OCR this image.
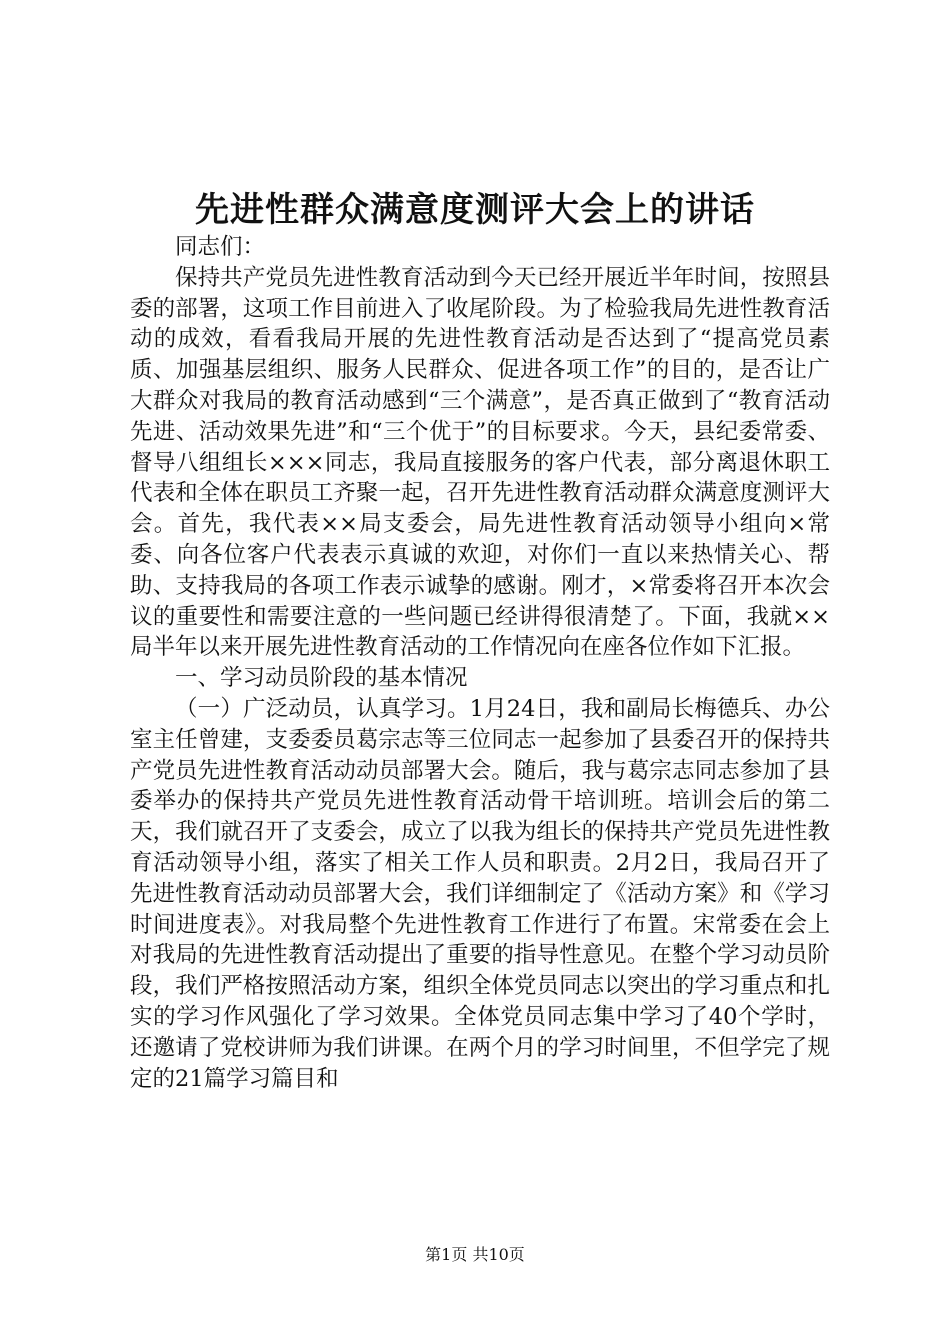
先进性群众满意度测评大会上的讲话

同志们：

保持共产党员先进性教育活动到今天已经开展近半年时间，按照县委的部署，这项工作目前进入了收尾阶段。为了检验我局先进性教育活动的成效，看看我局开展的先进性教育活动是否达到了“提高党员素质、加强基层组织、服务人民群众、促进各项工作”的目的，是否让广大群众对我局的教育活动感到“三个满意”，是否真正做到了“教育活动先进、活动效果先进”和“三个优于”的目标要求。今天，县纪委常委、督导八组组长×××同志，我局直接服务的客户代表，部分离退休职工代表和全体在职员工齐聚一起，召开先进性教育活动群众满意度测评大会。首先，我代表××局支委会，局先进性教育活动领导小组向×常委、向各位客户代表表示真诚的欢迎，对你们一直以来热情关心、帮助、支持我局的各项工作表示诚挚的感谢。刚才，×常委将召开本次会议的重要性和需要注意的一些问题已经讲得很清楚了。下面，我就××局半年以来开展先进性教育活动的工作情况向在座各位作如下汇报。

一、学习动员阶段的基本情况

（一）广泛动员，认真学习。1月24日，我和副局长梅德兵、办公室主任曾建，支委委员葛宗志等三位同志一起参加了县委召开的保持共产党员先进性教育活动动员部署大会。随后，我与葛宗志同志参加了县委举办的保持共产党员先进性教育活动骨干培训班。培训会后的第二天，我们就召开了支委会，成立了以我为组长的保持共产党员先进性教育活动领导小组，落实了相关工作人员和职责。2月2日，我局召开了先进性教育活动动员部署大会，我们详细制定了《活动方案》和《学习时间进度表》。对我局整个先进性教育工作进行了布置。宋常委在会上对我局的先进性教育活动提出了重要的指导性意见。在整个学习动员阶段，我们严格按照活动方案，组织全体党员同志以突出的学习重点和扎实的学习作风强化了学习效果。全体党员同志集中学习了40个学时，还邀请了党校讲师为我们讲课。在两个月的学习时间里，不但学完了规定的21篇学习篇目和

第1页 共10页
